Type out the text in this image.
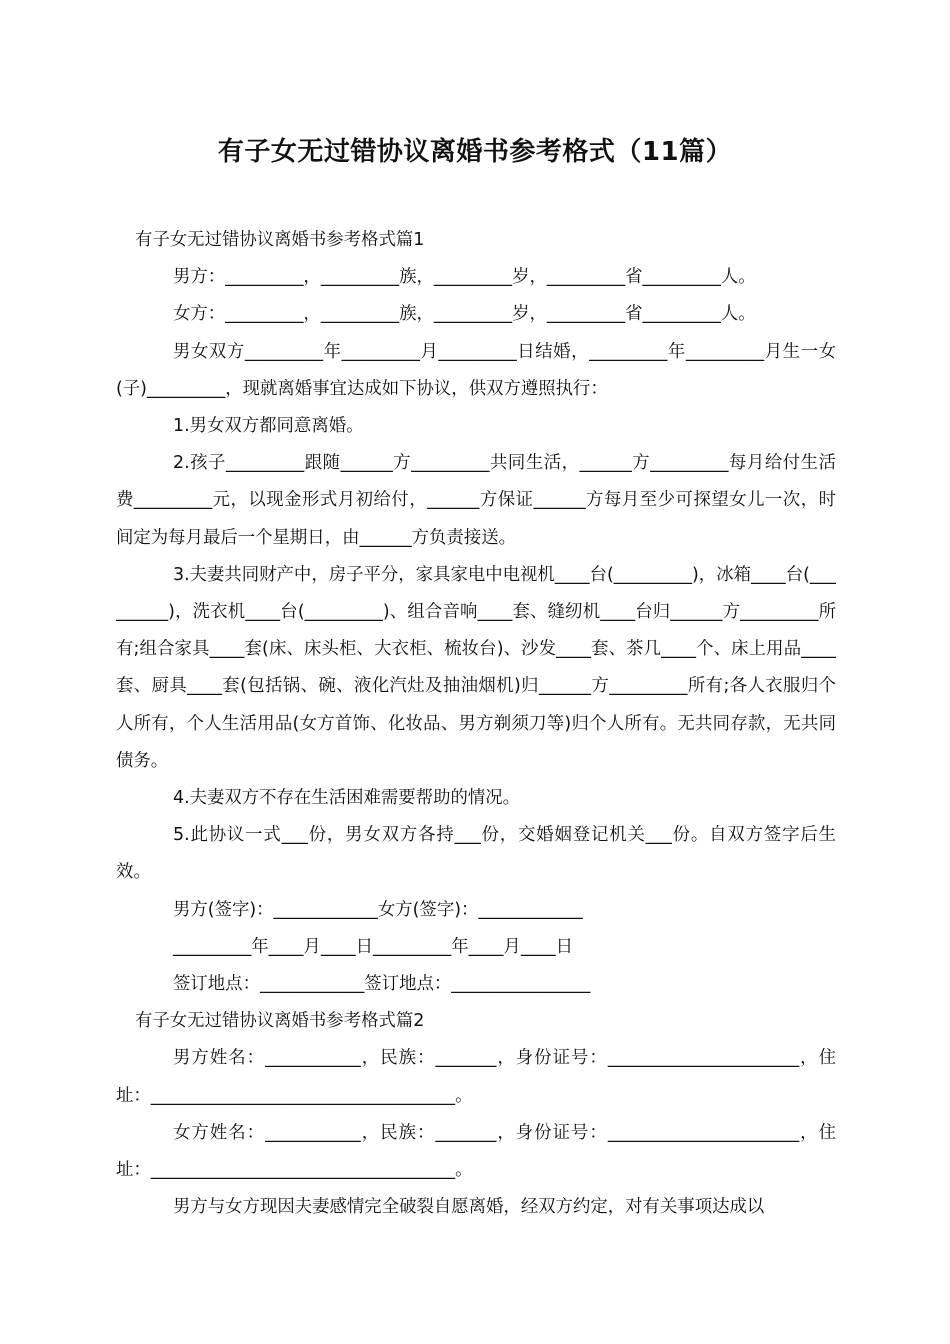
有子女无过错协议离婚书参考格式（11篇）

有子女无过错协议离婚书参考格式篇1

男方：_________，_________族，_________岁，_________省_________人。

女方：_________，_________族，_________岁，_________省_________人。

男女双方_________年_________月_________日结婚，_________年_________月生一女(子)_________，现就离婚事宜达成如下协议，供双方遵照执行：

1.男女双方都同意离婚。

2.孩子_________跟随______方_________共同生活，______方_________每月给付生活费_________元，以现金形式月初给付，______方保证______方每月至少可探望女儿一次，时间定为每月最后一个星期日，由______方负责接送。

3.夫妻共同财产中，房子平分，家具家电中电视机____台(_________)，冰箱____台(_________)，洗衣机____台(_________)、组合音响____套、缝纫机____台归______方_________所有;组合家具____套(床、床头柜、大衣柜、梳妆台)、沙发____套、茶几____个、床上用品____套、厨具____套(包括锅、碗、液化汽灶及抽油烟机)归______方_________所有;各人衣服归个人所有，个人生活用品(女方首饰、化妆品、男方剃须刀等)归个人所有。无共同存款，无共同债务。

4.夫妻双方不存在生活困难需要帮助的情况。

5.此协议一式___份，男女双方各持___份，交婚姻登记机关___份。自双方签字后生效。

男方(签字)：____________女方(签字)：____________

_________年____月____日_________年____月____日

签订地点：____________签订地点：________________

有子女无过错协议离婚书参考格式篇2

男方姓名：___________，民族：_______，身份证号：______________________，住址：___________________________________。

女方姓名：___________，民族：_______，身份证号：______________________，住址：___________________________________。

男方与女方现因夫妻感情完全破裂自愿离婚，经双方约定，对有关事项达成以
